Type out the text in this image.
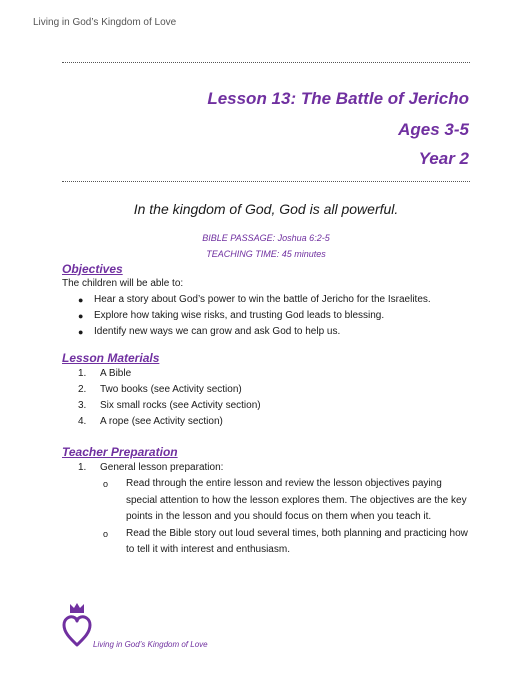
Living in God’s Kingdom of Love
Lesson 13: The Battle of Jericho
Ages 3-5
Year 2
In the kingdom of God, God is all powerful.
BIBLE PASSAGE: Joshua 6:2-5
TEACHING TIME: 45 minutes
Objectives
The children will be able to:
● Hear a story about God’s power to win the battle of Jericho for the Israelites.
● Explore how taking wise risks, and trusting God leads to blessing.
● Identify new ways we can grow and ask God to help us.
Lesson Materials
1. A Bible
2. Two books (see Activity section)
3. Six small rocks (see Activity section)
4. A rope (see Activity section)
Teacher Preparation
1. General lesson preparation:
o Read through the entire lesson and review the lesson objectives paying special attention to how the lesson explores them. The objectives are the key points in the lesson and you should focus on them when you teach it.
o Read the Bible story out loud several times, both planning and practicing how to tell it with interest and enthusiasm.
Living in God’s Kingdom of Love
